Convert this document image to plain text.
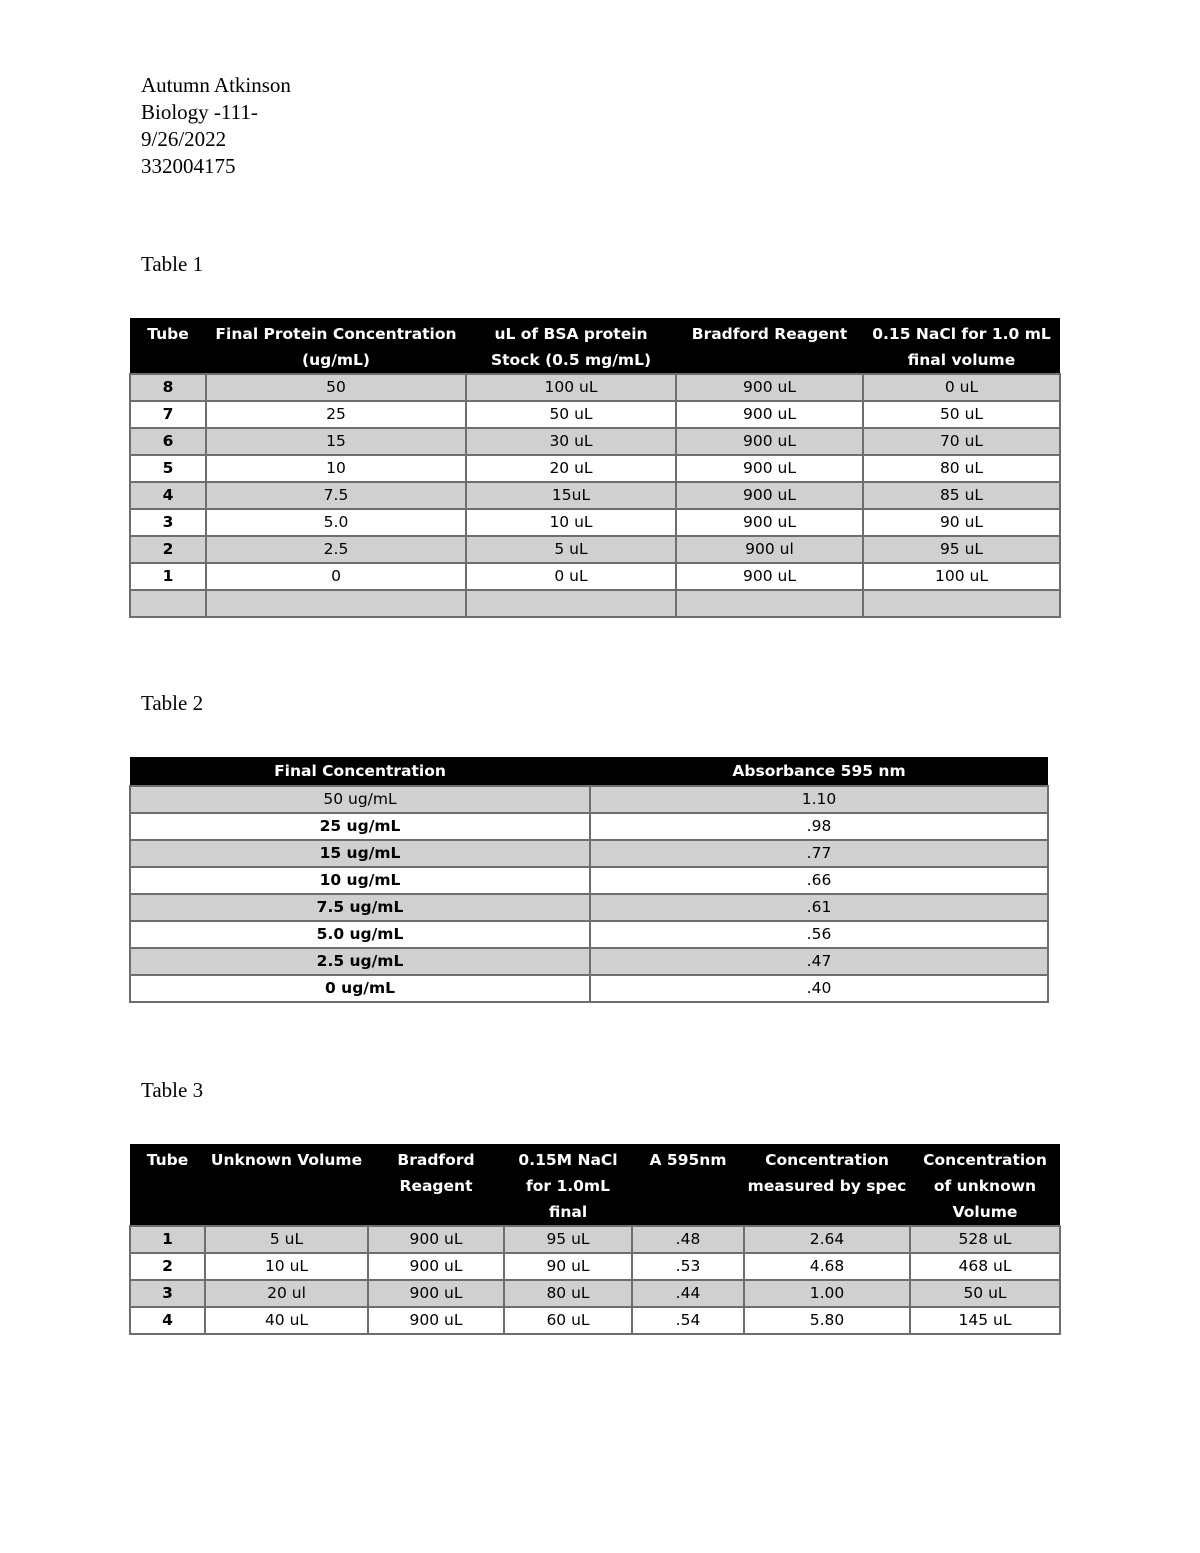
Autumn Atkinson
Biology -111-
9/26/2022
332004175
Table 1
Tube	Final Protein Concentration (ug/mL)	uL of BSA protein Stock (0.5 mg/mL)	Bradford Reagent	0.15 NaCl for 1.0 mL final volume
8	50	100 uL	900 uL	0 uL
7	25	50 uL	900 uL	50 uL
6	15	30 uL	900 uL	70 uL
5	10	20 uL	900 uL	80 uL
4	7.5	15uL	900 uL	85 uL
3	5.0	10 uL	900 uL	90 uL
2	2.5	5 uL	900 ul	95 uL
1	0	0 uL	900 uL	100 uL

Table 2
Final Concentration	Absorbance 595 nm
50 ug/mL	1.10
25 ug/mL	.98
15 ug/mL	.77
10 ug/mL	.66
7.5 ug/mL	.61
5.0 ug/mL	.56
2.5 ug/mL	.47
0 ug/mL	.40
Table 3
Tube	Unknown Volume	Bradford Reagent	0.15M NaCl for 1.0mL final	A 595nm	Concentration measured by spec	Concentration of unknown Volume
1	5 uL	900 uL	95 uL	.48	2.64	528 uL
2	10 uL	900 uL	90 uL	.53	4.68	468 uL
3	20 ul	900 uL	80 uL	.44	1.00	50 uL
4	40 uL	900 uL	60 uL	.54	5.80	145 uL
